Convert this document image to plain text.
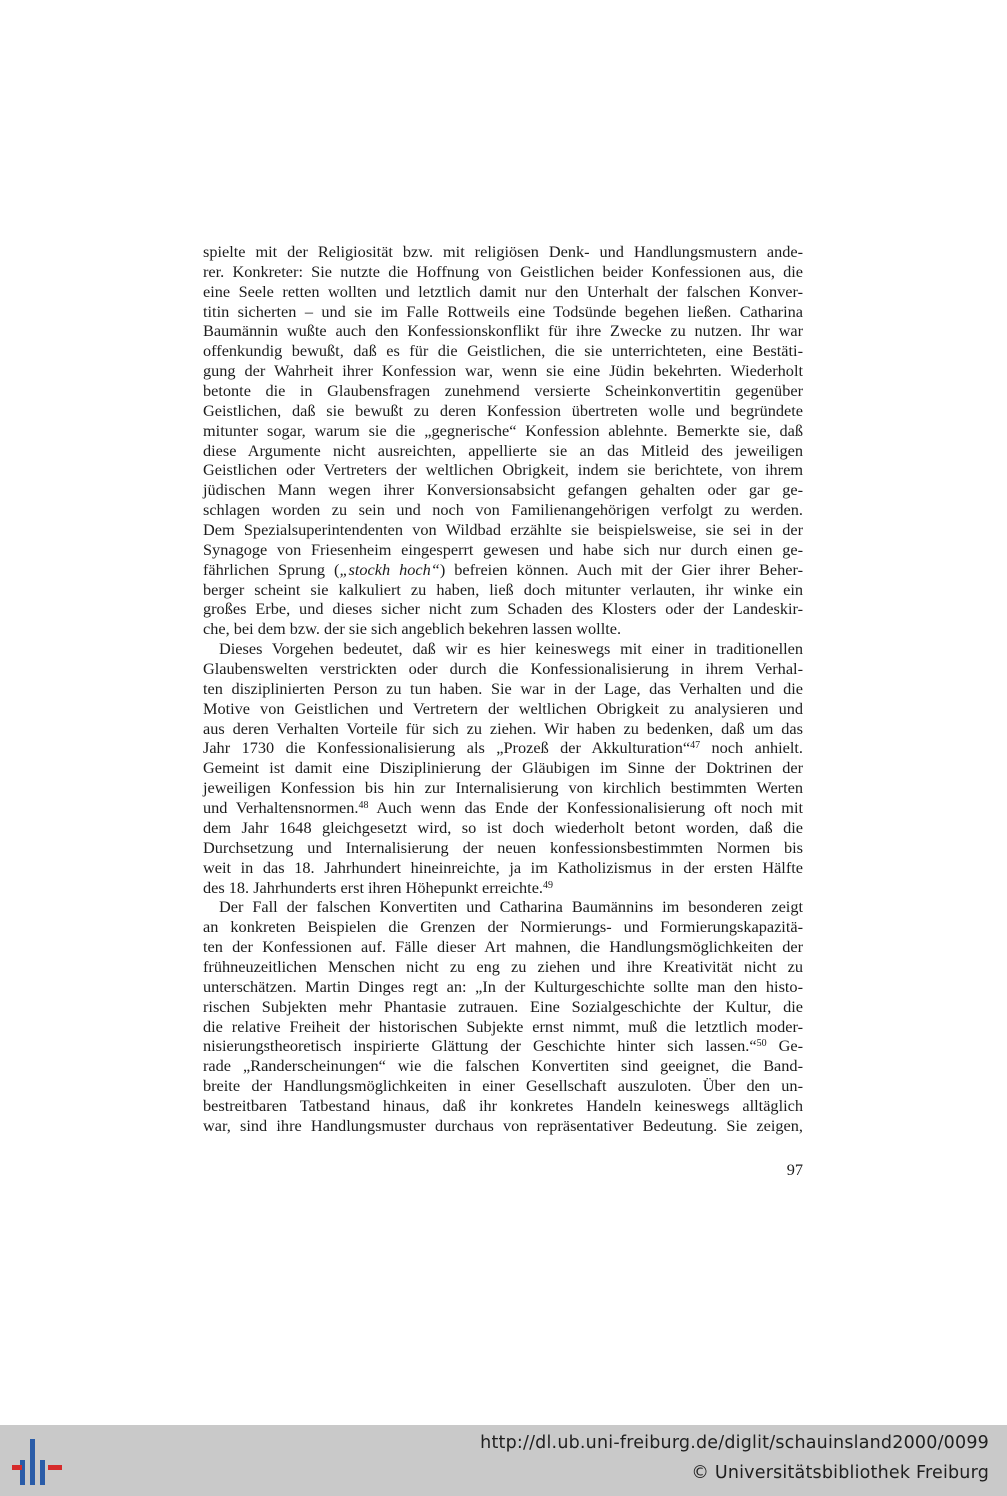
spielte mit der Religiosität bzw. mit religiösen Denk- und Handlungsmustern ande-
rer. Konkreter: Sie nutzte die Hoffnung von Geistlichen beider Konfessionen aus, die
eine Seele retten wollten und letztlich damit nur den Unterhalt der falschen Konver-
titin sicherten – und sie im Falle Rottweils eine Todsünde begehen ließen. Catharina
Baumännin wußte auch den Konfessionskonflikt für ihre Zwecke zu nutzen. Ihr war
offenkundig bewußt, daß es für die Geistlichen, die sie unterrichteten, eine Bestäti-
gung der Wahrheit ihrer Konfession war, wenn sie eine Jüdin bekehrten. Wiederholt
betonte die in Glaubensfragen zunehmend versierte Scheinkonvertitin gegenüber
Geistlichen, daß sie bewußt zu deren Konfession übertreten wolle und begründete
mitunter sogar, warum sie die „gegnerische“ Konfession ablehnte. Bemerkte sie, daß
diese Argumente nicht ausreichten, appellierte sie an das Mitleid des jeweiligen
Geistlichen oder Vertreters der weltlichen Obrigkeit, indem sie berichtete, von ihrem
jüdischen Mann wegen ihrer Konversionsabsicht gefangen gehalten oder gar ge-
schlagen worden zu sein und noch von Familienangehörigen verfolgt zu werden.
Dem Spezialsuperintendenten von Wildbad erzählte sie beispielsweise, sie sei in der
Synagoge von Friesenheim eingesperrt gewesen und habe sich nur durch einen ge-
fährlichen Sprung („stockh hoch“) befreien können. Auch mit der Gier ihrer Beher-
berger scheint sie kalkuliert zu haben, ließ doch mitunter verlauten, ihr winke ein
großes Erbe, und dieses sicher nicht zum Schaden des Klosters oder der Landeskir-
che, bei dem bzw. der sie sich angeblich bekehren lassen wollte.
Dieses Vorgehen bedeutet, daß wir es hier keineswegs mit einer in traditionellen
Glaubenswelten verstrickten oder durch die Konfessionalisierung in ihrem Verhal-
ten disziplinierten Person zu tun haben. Sie war in der Lage, das Verhalten und die
Motive von Geistlichen und Vertretern der weltlichen Obrigkeit zu analysieren und
aus deren Verhalten Vorteile für sich zu ziehen. Wir haben zu bedenken, daß um das
Jahr 1730 die Konfessionalisierung als „Prozeß der Akkulturation“$^{47}$ noch anhielt.
Gemeint ist damit eine Disziplinierung der Gläubigen im Sinne der Doktrinen der
jeweiligen Konfession bis hin zur Internalisierung von kirchlich bestimmten Werten
und Verhaltensnormen.$^{48}$ Auch wenn das Ende der Konfessionalisierung oft noch mit
dem Jahr 1648 gleichgesetzt wird, so ist doch wiederholt betont worden, daß die
Durchsetzung und Internalisierung der neuen konfessionsbestimmten Normen bis
weit in das 18. Jahrhundert hineinreichte, ja im Katholizismus in der ersten Hälfte
des 18. Jahrhunderts erst ihren Höhepunkt erreichte.$^{49}$
Der Fall der falschen Konvertiten und Catharina Baumännins im besonderen zeigt
an konkreten Beispielen die Grenzen der Normierungs- und Formierungskapazitä-
ten der Konfessionen auf. Fälle dieser Art mahnen, die Handlungsmöglichkeiten der
frühneuzeitlichen Menschen nicht zu eng zu ziehen und ihre Kreativität nicht zu
unterschätzen. Martin Dinges regt an: „In der Kulturgeschichte sollte man den histo-
rischen Subjekten mehr Phantasie zutrauen. Eine Sozialgeschichte der Kultur, die
die relative Freiheit der historischen Subjekte ernst nimmt, muß die letztlich moder-
nisierungstheoretisch inspirierte Glättung der Geschichte hinter sich lassen.“$^{50}$ Ge-
rade „Randerscheinungen“ wie die falschen Konvertiten sind geeignet, die Band-
breite der Handlungsmöglichkeiten in einer Gesellschaft auszuloten. Über den un-
bestreitbaren Tatbestand hinaus, daß ihr konkretes Handeln keineswegs alltäglich
war, sind ihre Handlungsmuster durchaus von repräsentativer Bedeutung. Sie zeigen,
97
http://dl.ub.uni-freiburg.de/diglit/schauinsland2000/0099
© Universitätsbibliothek Freiburg
